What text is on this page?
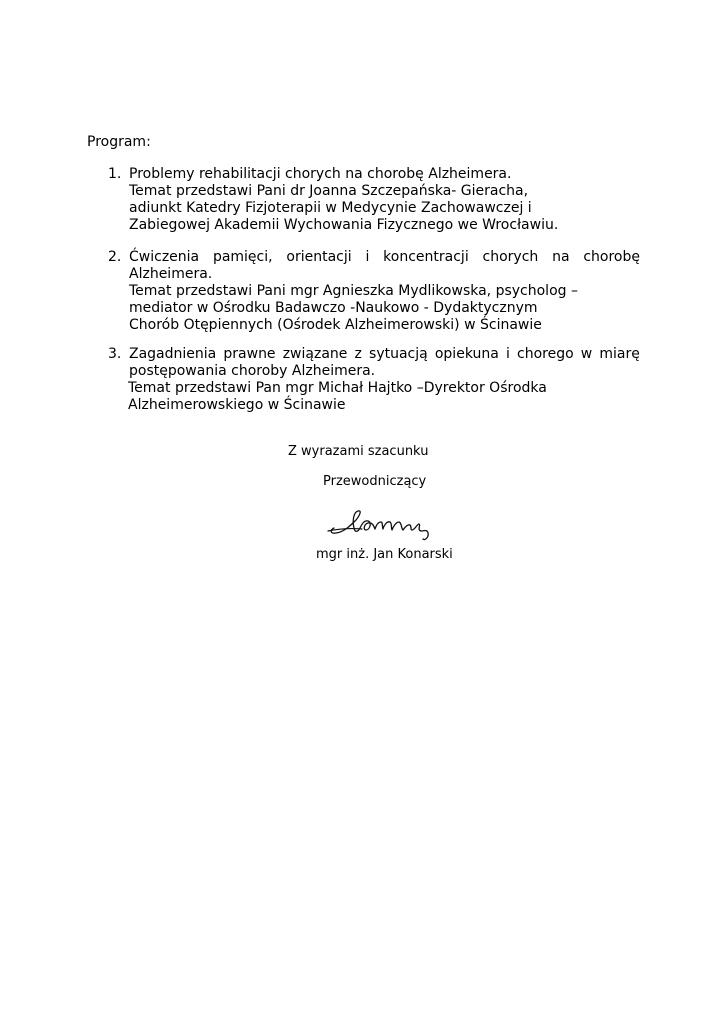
Program:

1. Problemy rehabilitacji chorych na chorobę Alzheimera.
Temat przedstawi Pani dr Joanna Szczepańska- Gieracha,
adiunkt Katedry Fizjoterapii w Medycynie Zachowawczej i
Zabiegowej Akademii Wychowania Fizycznego we Wrocławiu.
2. Ćwiczenia pamięci, orientacji i koncentracji chorych na chorobę
Alzheimera.
Temat przedstawi Pani mgr Agnieszka Mydlikowska, psycholog –
mediator w Ośrodku Badawczo -Naukowo - Dydaktycznym
Chorób Otępiennych (Ośrodek Alzheimerowski) w Ścinawie
3. Zagadnienia prawne związane z sytuacją opiekuna i chorego w miarę
postępowania choroby Alzheimera.
Temat przedstawi Pan mgr Michał Hajtko –Dyrektor Ośrodka
Alzheimerowskiego w Ścinawie
Z wyrazami szacunku
Przewodniczący
mgr inż. Jan Konarski
